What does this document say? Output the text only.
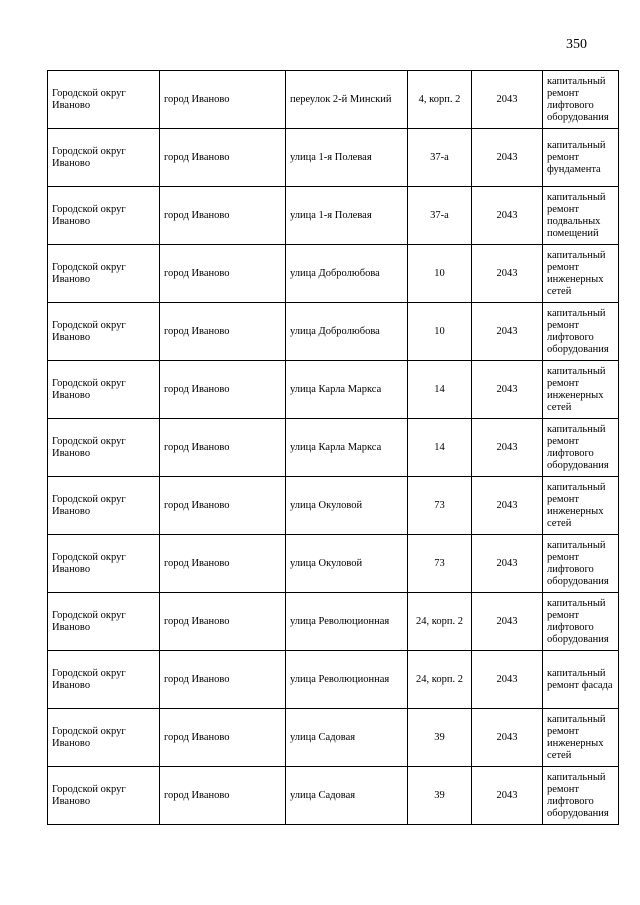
350
Городской округ Иваново	город Иваново	переулок 2-й Минский	4, корп. 2	2043	капитальный ремонт лифтового оборудования
Городской округ Иваново	город Иваново	улица 1-я Полевая	37-а	2043	капитальный ремонт фундамента
Городской округ Иваново	город Иваново	улица 1-я Полевая	37-а	2043	капитальный ремонт подвальных помещений
Городской округ Иваново	город Иваново	улица Добролюбова	10	2043	капитальный ремонт инженерных сетей
Городской округ Иваново	город Иваново	улица Добролюбова	10	2043	капитальный ремонт лифтового оборудования
Городской округ Иваново	город Иваново	улица Карла Маркса	14	2043	капитальный ремонт инженерных сетей
Городской округ Иваново	город Иваново	улица Карла Маркса	14	2043	капитальный ремонт лифтового оборудования
Городской округ Иваново	город Иваново	улица Окуловой	73	2043	капитальный ремонт инженерных сетей
Городской округ Иваново	город Иваново	улица Окуловой	73	2043	капитальный ремонт лифтового оборудования
Городской округ Иваново	город Иваново	улица Революционная	24, корп. 2	2043	капитальный ремонт лифтового оборудования
Городской округ Иваново	город Иваново	улица Революционная	24, корп. 2	2043	капитальный ремонт фасада
Городской округ Иваново	город Иваново	улица Садовая	39	2043	капитальный ремонт инженерных сетей
Городской округ Иваново	город Иваново	улица Садовая	39	2043	капитальный ремонт лифтового оборудования
